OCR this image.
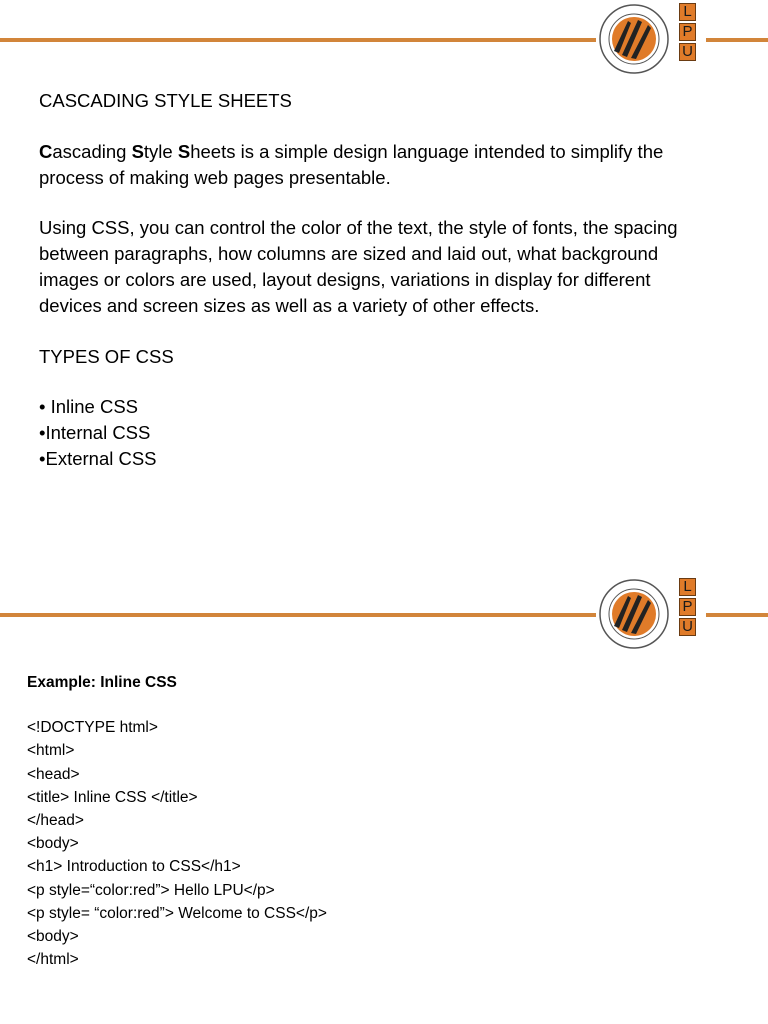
L
P
U

CASCADING STYLE SHEETS

Cascading Style Sheets is a simple design language intended to simplify the process of making web pages presentable.

Using CSS, you can control the color of the text, the style of fonts, the spacing between paragraphs, how columns are sized and laid out, what background images or colors are used, layout designs, variations in display for different devices and screen sizes as well as a variety of other effects.

TYPES OF CSS

• Inline CSS

•Internal CSS

•External CSS

L
P
U

Example: Inline CSS

<!DOCTYPE html>

<html>

<head>

<title> Inline CSS </title>

</head>

<body>

<h1> Introduction to CSS</h1>

<p style=“color:red”> Hello LPU</p>

<p style= “color:red”> Welcome to CSS</p>

<body>

</html>
